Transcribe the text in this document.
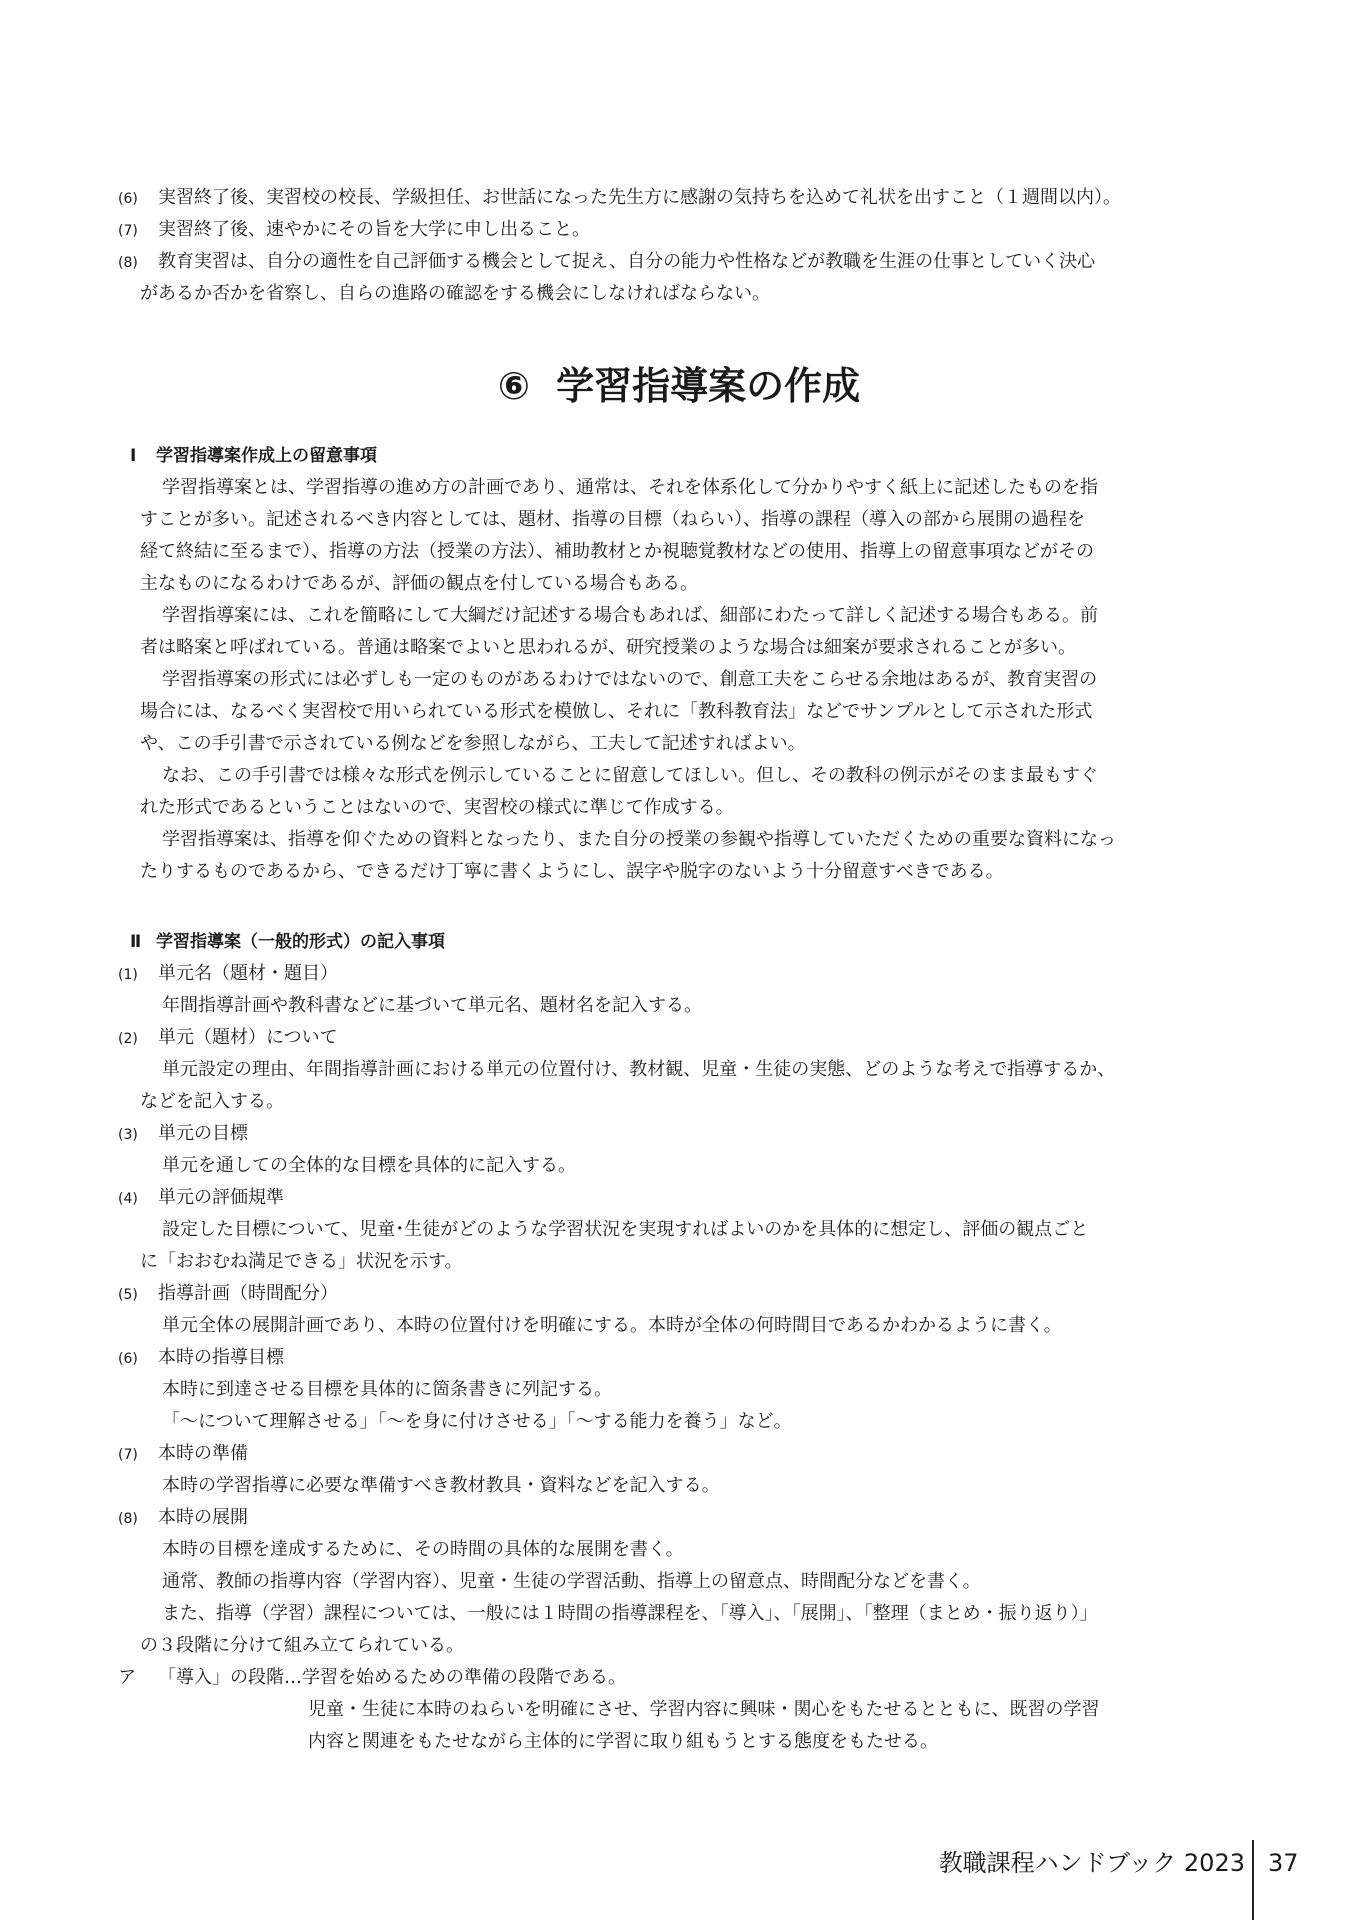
(6) 実習終了後、実習校の校長、学級担任、お世話になった先生方に感謝の気持ちを込めて礼状を出すこと（１週間以内）。

(7) 実習終了後、速やかにその旨を大学に申し出ること。

(8) 教育実習は、自分の適性を自己評価する機会として捉え、自分の能力や性格などが教職を生涯の仕事としていく決心

があるか否かを省察し、自らの進路の確認をする機会にしなければならない。

⑥ 学習指導案の作成

Ⅰ 学習指導案作成上の留意事項

学習指導案とは、学習指導の進め方の計画であり、通常は、それを体系化して分かりやすく紙上に記述したものを指

すことが多い。記述されるべき内容としては、題材、指導の目標（ねらい）、指導の課程（導入の部から展開の過程を

経て終結に至るまで）、指導の方法（授業の方法）、補助教材とか視聴覚教材などの使用、指導上の留意事項などがその

主なものになるわけであるが、評価の観点を付している場合もある。

学習指導案には、これを簡略にして大綱だけ記述する場合もあれば、細部にわたって詳しく記述する場合もある。前

者は略案と呼ばれている。普通は略案でよいと思われるが、研究授業のような場合は細案が要求されることが多い。

学習指導案の形式には必ずしも一定のものがあるわけではないので、創意工夫をこらせる余地はあるが、教育実習の

場合には、なるべく実習校で用いられている形式を模倣し、それに「教科教育法」などでサンプルとして示された形式

や、この手引書で示されている例などを参照しながら、工夫して記述すればよい。

なお、この手引書では様々な形式を例示していることに留意してほしい。但し、その教科の例示がそのまま最もすぐ

れた形式であるということはないので、実習校の様式に準じて作成する。

学習指導案は、指導を仰ぐための資料となったり、また自分の授業の参観や指導していただくための重要な資料になっ

たりするものであるから、できるだけ丁寧に書くようにし、誤字や脱字のないよう十分留意すべきである。

Ⅱ 学習指導案（一般的形式）の記入事項

(1) 単元名（題材・題目）

年間指導計画や教科書などに基づいて単元名、題材名を記入する。

(2) 単元（題材）について

単元設定の理由、年間指導計画における単元の位置付け、教材観、児童・生徒の実態、どのような考えで指導するか、

などを記入する。

(3) 単元の目標

単元を通しての全体的な目標を具体的に記入する。

(4) 単元の評価規準

設定した目標について、児童･生徒がどのような学習状況を実現すればよいのかを具体的に想定し、評価の観点ごと

に「おおむね満足できる」状況を示す。

(5) 指導計画（時間配分）

単元全体の展開計画であり、本時の位置付けを明確にする。本時が全体の何時間目であるかわかるように書く。

(6) 本時の指導目標

本時に到達させる目標を具体的に箇条書きに列記する。

「～について理解させる」「～を身に付けさせる」「～する能力を養う」など。

(7) 本時の準備

本時の学習指導に必要な準備すべき教材教具・資料などを記入する。

(8) 本時の展開

本時の目標を達成するために、その時間の具体的な展開を書く。

通常、教師の指導内容（学習内容）、児童・生徒の学習活動、指導上の留意点、時間配分などを書く。

また、指導（学習）課程については、一般には１時間の指導課程を、「導入」、「展開」、「整理（まとめ・振り返り）」

の３段階に分けて組み立てられている。

ア 「導入」の段階…学習を始めるための準備の段階である。

児童・生徒に本時のねらいを明確にさせ、学習内容に興味・関心をもたせるとともに、既習の学習

内容と関連をもたせながら主体的に学習に取り組もうとする態度をもたせる。

教職課程ハンドブック 2023 37
